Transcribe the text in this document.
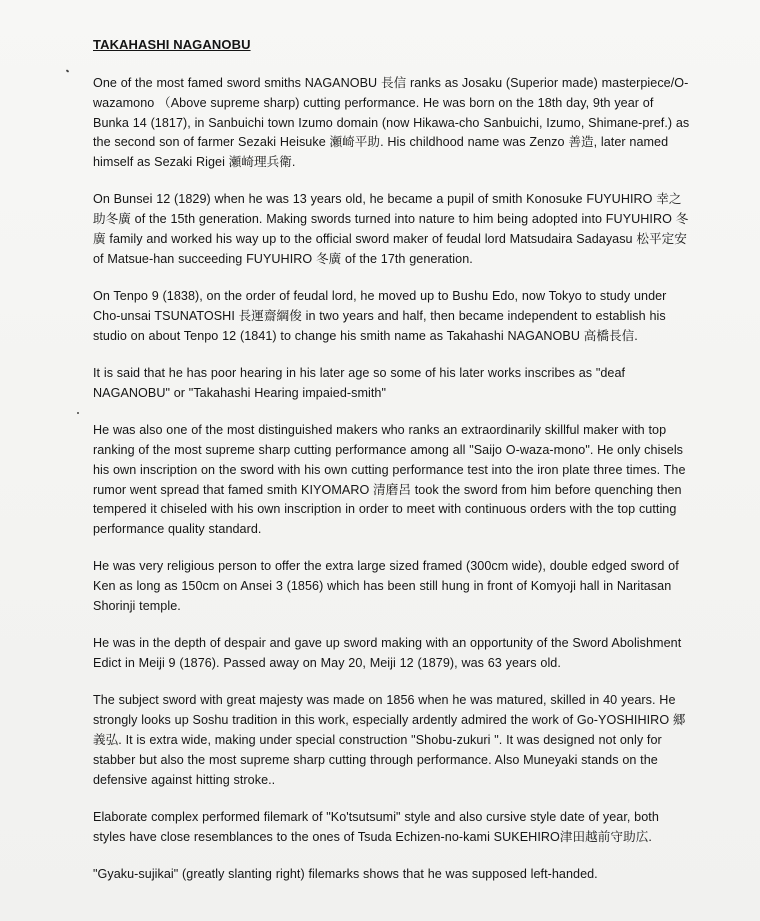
TAKAHASHI NAGANOBU

One of the most famed sword smiths NAGANOBU 長信 ranks as Josaku (Superior made) masterpiece/O-wazamono （Above supreme sharp) cutting performance. He was born on the 18th day, 9th year of Bunka 14 (1817), in Sanbuichi town Izumo domain (now Hikawa-cho Sanbuichi, Izumo, Shimane-pref.) as the second son of farmer Sezaki Heisuke 瀬崎平助. His childhood name was Zenzo 善造, later named himself as Sezaki Rigei 瀬崎理兵衛.

On Bunsei 12 (1829) when he was 13 years old, he became a pupil of smith Konosuke FUYUHIRO 幸之助冬廣 of the 15th generation. Making swords turned into nature to him being adopted into FUYUHIRO 冬廣 family and worked his way up to the official sword maker of feudal lord Matsudaira Sadayasu 松平定安 of Matsue-han succeeding FUYUHIRO 冬廣 of the 17th generation.

On Tenpo 9 (1838), on the order of feudal lord, he moved up to Bushu Edo, now Tokyo to study under Cho-unsai TSUNATOSHI 長運齋綱俊 in two years and half, then became independent to establish his studio on about Tenpo 12 (1841) to change his smith name as Takahashi NAGANOBU 高橋長信.

It is said that he has poor hearing in his later age so some of his later works inscribes as "deaf NAGANOBU" or "Takahashi Hearing impaied-smith"

He was also one of the most distinguished makers who ranks an extraordinarily skillful maker with top ranking of the most supreme sharp cutting performance among all "Saijo O-waza-mono". He only chisels his own inscription on the sword with his own cutting performance test into the iron plate three times. The rumor went spread that famed smith KIYOMARO 清磨呂 took the sword from him before quenching then tempered it chiseled with his own inscription in order to meet with continuous orders with the top cutting performance quality standard.

He was very religious person to offer the extra large sized framed (300cm wide), double edged sword of Ken as long as 150cm on Ansei 3 (1856) which has been still hung in front of Komyoji hall in Naritasan Shorinji temple.

He was in the depth of despair and gave up sword making with an opportunity of the Sword Abolishment Edict in Meiji 9 (1876). Passed away on May 20, Meiji 12 (1879), was 63 years old.

The subject sword with great majesty was made on 1856 when he was matured, skilled in 40 years. He strongly looks up Soshu tradition in this work, especially ardently admired the work of Go-YOSHIHIRO 郷義弘. It is extra wide, making under special construction "Shobu-zukuri ". It was designed not only for stabber but also the most supreme sharp cutting through performance. Also Muneyaki stands on the defensive against hitting stroke..

Elaborate complex performed filemark of "Ko'tsutsumi" style and also cursive style date of year, both styles have close resemblances to the ones of Tsuda Echizen-no-kami SUKEHIRO津田越前守助広.

"Gyaku-sujikai" (greatly slanting right) filemarks shows that he was supposed left-handed.
